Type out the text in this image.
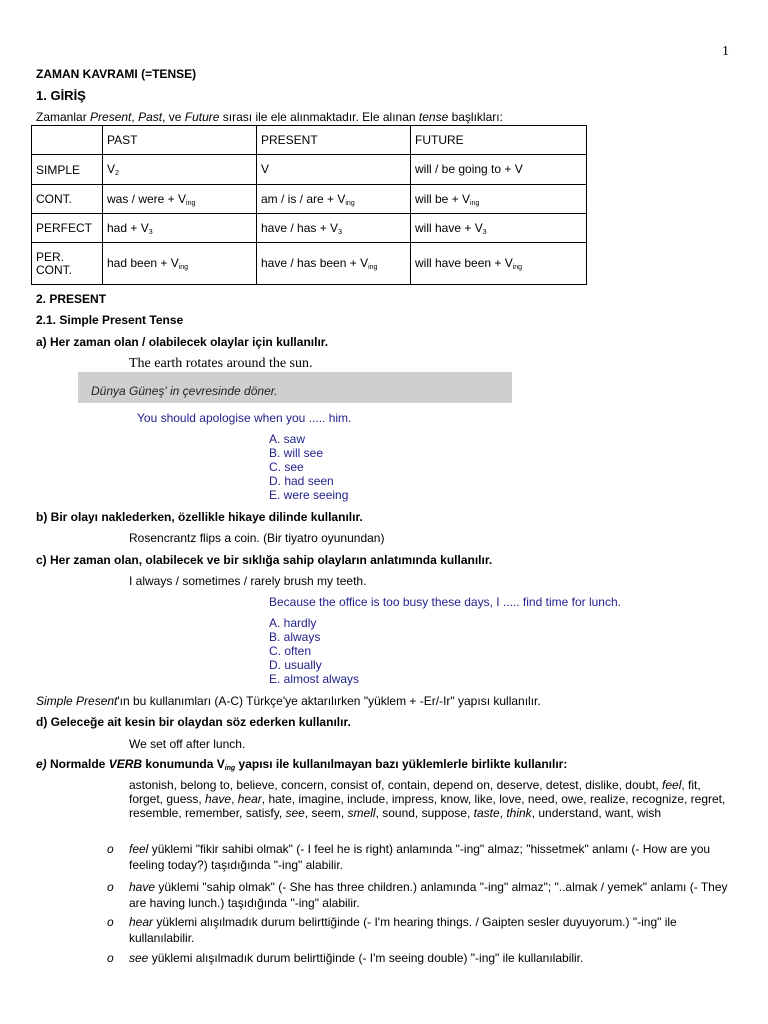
1
ZAMAN KAVRAMI (=TENSE)
1. GİRİŞ
Zamanlar Present, Past, ve Future sırası ile ele alınmaktadır. Ele alınan tense başlıkları:
	PAST	PRESENT	FUTURE
SIMPLE	$V_2$	V	will / be going to + V
CONT.	was / were + $V_{ing}$	am / is / are + $V_{ing}$	will be + $V_{ing}$
PERFECT	had + $V_3$	have / has + $V_3$	will have + $V_3$
PER. CONT.	had been + $V_{ing}$	have / has been + $V_{ing}$	will have been + $V_{ing}$
2. PRESENT
2.1. Simple Present Tense
a) Her zaman olan / olabilecek olaylar için kullanılır.
The earth rotates around the sun.
Dünya Güneş' in çevresinde döner.
You should apologise when you ..... him.
A. saw
B. will see
C. see
D. had seen
E. were seeing
b) Bir olayı naklederken, özellikle hikaye dilinde kullanılır.
Rosencrantz flips a coin. (Bir tiyatro oyunundan)
c) Her zaman olan, olabilecek ve bir sıklığa sahip olayların anlatımında kullanılır.
I always / sometimes / rarely brush my teeth.
Because the office is too busy these days, I ..... find time for lunch.
A. hardly
B. always
C. often
D. usually
E. almost always
Simple Present'ın bu kullanımları (A-C) Türkçe'ye aktarılırken "yüklem + -Er/-Ir" yapısı kullanılır.
d) Geleceğe ait kesin bir olaydan söz ederken kullanılır.
We set off after lunch.
e) Normalde VERB konumunda $V_{ing}$ yapısı ile kullanılmayan bazı yüklemlerle birlikte kullanılır:
astonish, belong to, believe, concern, consist of, contain, depend on, deserve, detest, dislike, doubt, feel, fit, forget, guess, have, hear, hate, imagine, include, impress, know, like, love, need, owe, realize, recognize, regret, resemble, remember, satisfy, see, seem, smell, sound, suppose, taste, think, understand, want, wish
o feel yüklemi "fikir sahibi olmak" (- I feel he is right) anlamında "-ing" almaz; "hissetmek" anlamı (- How are you feeling today?) taşıdığında "-ing" alabilir.
o have yüklemi "sahip olmak" (- She has three children.) anlamında "-ing" almaz"; "..almak / yemek" anlamı (- They are having lunch.) taşıdığında "-ing" alabilir.
o hear yüklemi alışılmadık durum belirttiğinde (- I'm hearing things. / Gaipten sesler duyuyorum.) "-ing" ile kullanılabilir.
o see yüklemi alışılmadık durum belirttiğinde (- I'm seeing double) "-ing" ile kullanılabilir.
